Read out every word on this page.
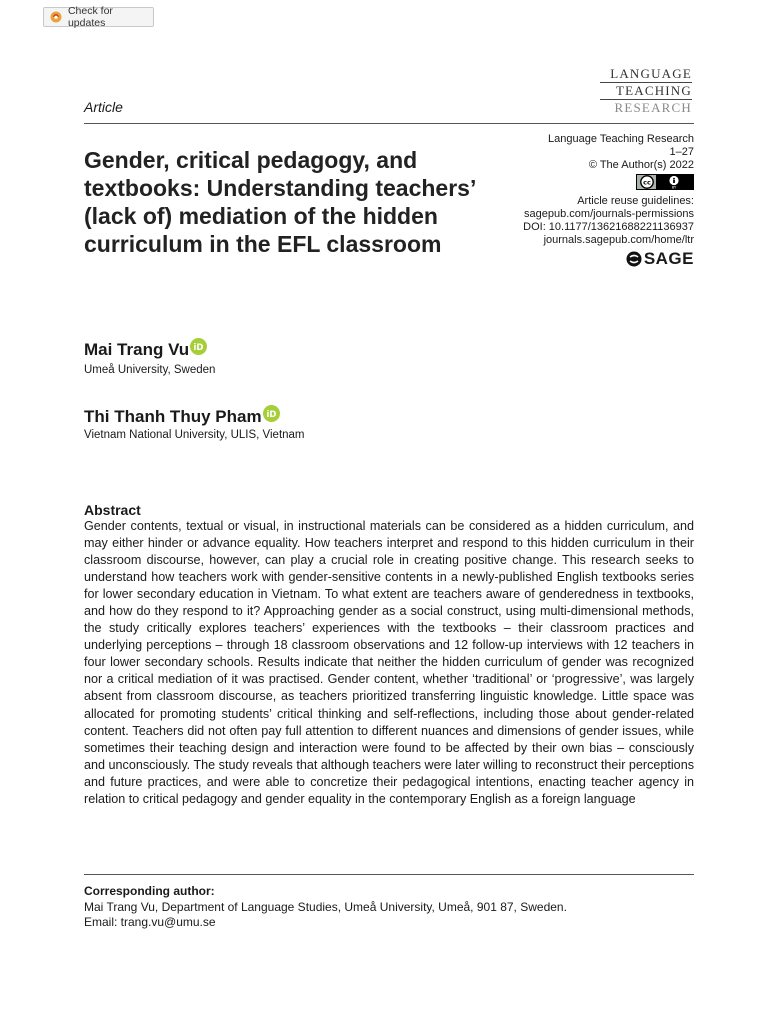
Check for updates
LANGUAGE
TEACHING
RESEARCH
Article
Language Teaching Research
1–27
© The Author(s) 2022
cc
BY
Article reuse guidelines:
sagepub.com/journals-permissions
DOI: 10.1177/13621688221136937
journals.sagepub.com/home/ltr
SAGE
Gender, critical pedagogy, and textbooks: Understanding teachers’ (lack of) mediation of the hidden curriculum in the EFL classroom
Mai Trang Vu iD
Umeå University, Sweden
Thi Thanh Thuy Pham iD
Vietnam National University, ULIS, Vietnam
Abstract

Gender contents, textual or visual, in instructional materials can be considered as a hidden curriculum, and may either hinder or advance equality. How teachers interpret and respond to this hidden curriculum in their classroom discourse, however, can play a crucial role in creating positive change. This research seeks to understand how teachers work with gender-sensitive contents in a newly-published English textbooks series for lower secondary education in Vietnam. To what extent are teachers aware of genderedness in textbooks, and how do they respond to it? Approaching gender as a social construct, using multi-dimensional methods, the study critically explores teachers’ experiences with the textbooks – their classroom practices and underlying perceptions – through 18 classroom observations and 12 follow-up interviews with 12 teachers in four lower secondary schools. Results indicate that neither the hidden curriculum of gender was recognized nor a critical mediation of it was practised. Gender content, whether ‘traditional’ or ‘progressive’, was largely absent from classroom discourse, as teachers prioritized transferring linguistic knowledge. Little space was allocated for promoting students’ critical thinking and self-reflections, including those about gender-related content. Teachers did not often pay full attention to different nuances and dimensions of gender issues, while sometimes their teaching design and interaction were found to be affected by their own bias – consciously and unconsciously. The study reveals that although teachers were later willing to reconstruct their perceptions and future practices, and were able to concretize their pedagogical intentions, enacting teacher agency in relation to critical pedagogy and gender equality in the contemporary English as a foreign language

Corresponding author:
Mai Trang Vu, Department of Language Studies, Umeå University, Umeå, 901 87, Sweden.
Email: trang.vu@umu.se
